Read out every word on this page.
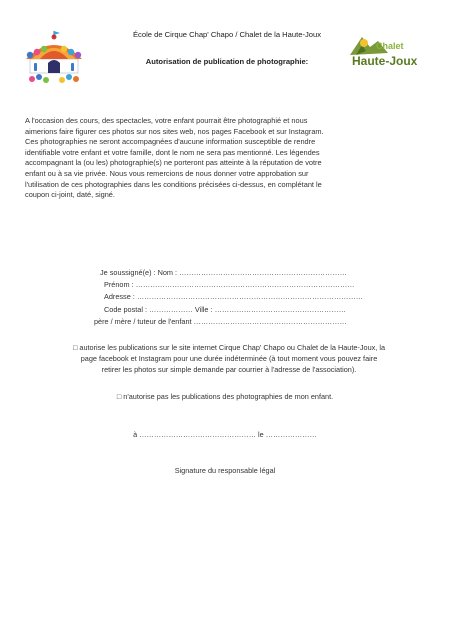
École de Cirque Chap' Chapo / Chalet de la Haute-Joux
Autorisation de publication de photographie:
Chalet
Haute-Joux
A l'occasion des cours, des spectacles, votre enfant pourrait être photographié et nous
aimerions faire figurer ces photos sur nos sites web, nos pages Facebook et sur Instagram.
Ces photographies ne seront accompagnées d'aucune information susceptible de rendre
identifiable votre enfant et votre famille, dont le nom ne sera pas mentionné. Les légendes
accompagnant la (ou les) photographie(s) ne porteront pas atteinte à la réputation de votre
enfant ou à sa vie privée. Nous vous remercions de nous donner votre approbation sur
l'utilisation de ces photographies dans les conditions précisées ci-dessus, en complétant le
coupon ci-joint, daté, signé.
Je soussigné(e) : Nom : ……………………………………………………………
Prénom : ………………………………………………………………………………
Adresse : …………………………………………………………………………………
Code postal : ……………… Ville : ………………………………………………
père / mère / tuteur de l'enfant ………………………………………………………
□ autorise les publications sur le site internet Cirque Chap' Chapo ou Chalet de la Haute-Joux, la
page facebook et Instagram pour une durée indéterminée (à tout moment vous pouvez faire
retirer les photos sur simple demande par courrier à l'adresse de l'association).
□ n'autorise pas les publications des photographies de mon enfant.
à ………………………………………… le …………………
Signature du responsable légal
